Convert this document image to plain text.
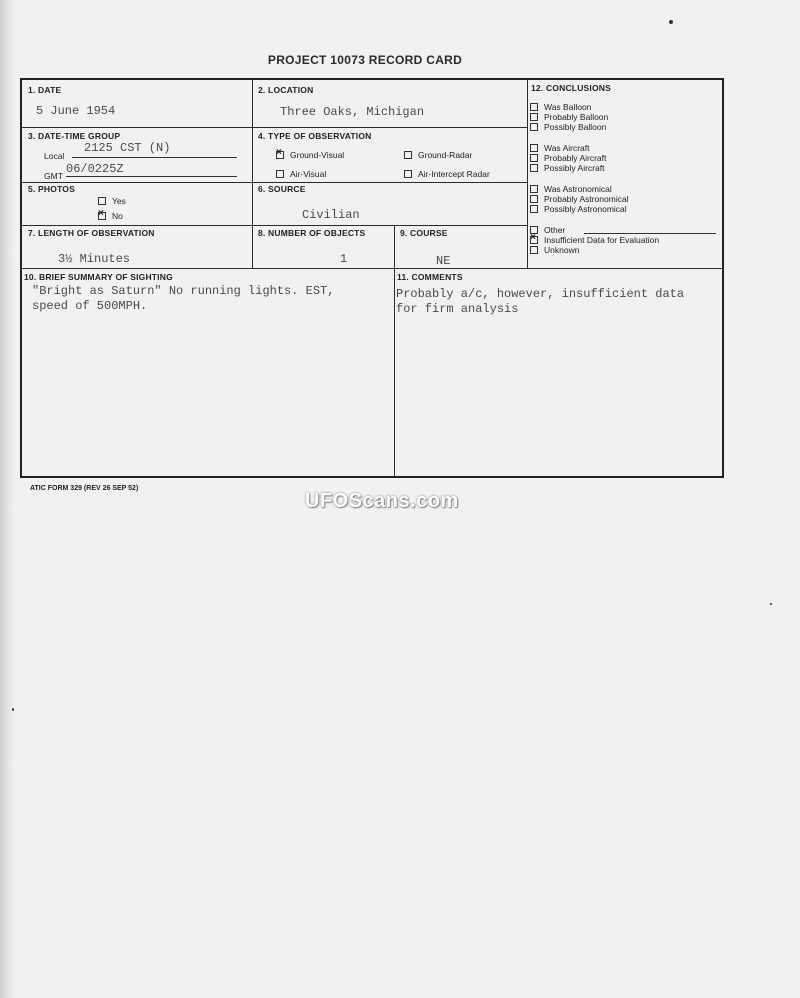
PROJECT 10073 RECORD CARD
1. DATE
5 June 1954
2. LOCATION
Three Oaks, Michigan
3. DATE-TIME GROUP
Local
2125 CST (N)
GMT 06/0225Z
4. TYPE OF OBSERVATION
×Ground-Visual	Ground-Radar
Air-Visual	Air-Intercept Radar
5. PHOTOS
Yes
×No
6. SOURCE
Civilian
7. LENGTH OF OBSERVATION
3½ Minutes
8. NUMBER OF OBJECTS
1
9. COURSE
NE
10. BRIEF SUMMARY OF SIGHTING
"Bright as Saturn" No running lights. EST,
speed of 500MPH.
11. COMMENTS
Probably a/c, however, insufficient data
for firm analysis
12. CONCLUSIONS
Was Balloon
Probably Balloon
Possibly Balloon
Was Aircraft
Probably Aircraft
Possibly Aircraft
Was Astronomical
Probably Astronomical
Possibly Astronomical
Other
×Insufficient Data for Evaluation
Unknown
ATIC FORM 329 (REV 26 SEP 52)
UFOScans.com
